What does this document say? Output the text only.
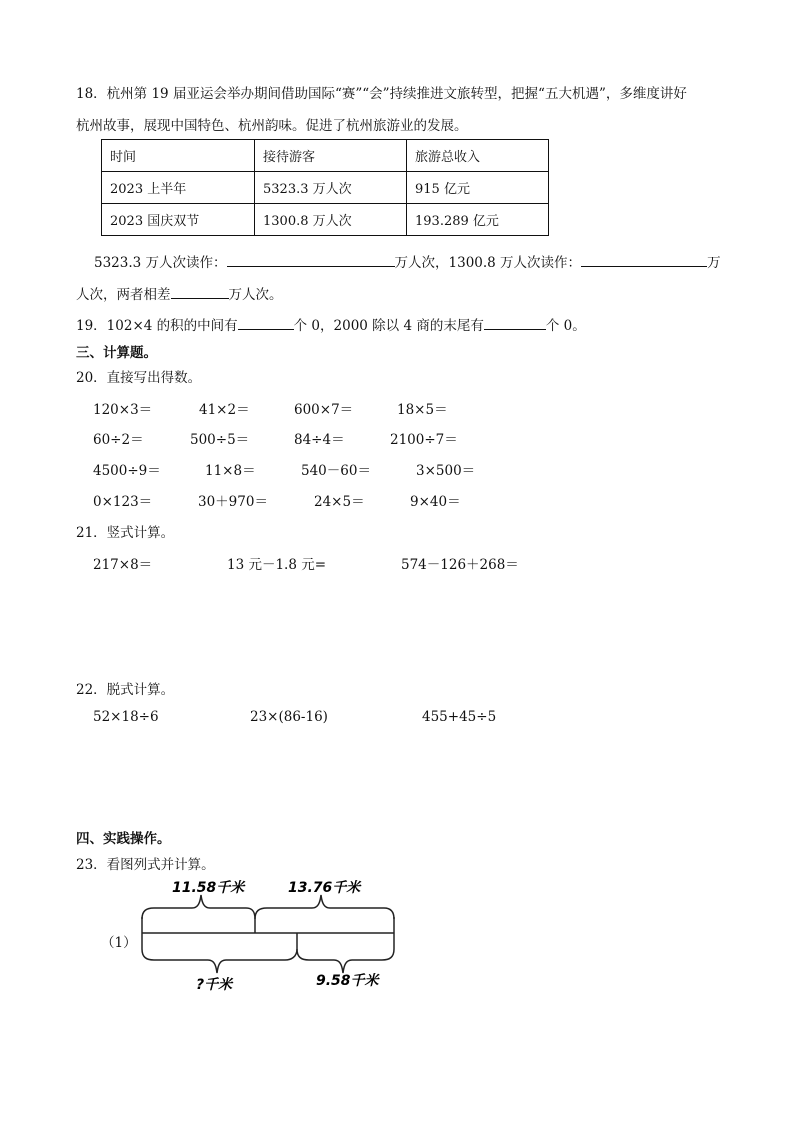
18．杭州第 19 届亚运会举办期间借助国际“赛”“会”持续推进文旅转型，把握“五大机遇”，多维度讲好
杭州故事，展现中国特色、杭州韵味。促进了杭州旅游业的发展。
时间	接待游客	旅游总收入
2023 上半年	5323.3 万人次	915 亿元
2023 国庆双节	1300.8 万人次	193.289 亿元
5323.3 万人次读作：	万人次，1300.8 万人次读作：	万
人次，两者相差	万人次。
19．102×4 的积的中间有	个 0，2000 除以 4 商的末尾有	个 0。
三、计算题。
20．直接写出得数。
120×3＝	41×2＝	600×7＝	18×5＝
60÷2＝	500÷5＝	84÷4＝	2100÷7＝
4500÷9＝	11×8＝	540－60＝	3×500＝
0×123＝	30＋970＝	24×5＝	9×40＝
21．竖式计算。
217×8＝	13 元－1.8 元=	574－126＋268＝
22．脱式计算。
52×18÷6	23×(86-16)	455+45÷5
四、实践操作。
23．看图列式并计算。
（1）
11.58千米	13.76千米
?千米	9.58千米
